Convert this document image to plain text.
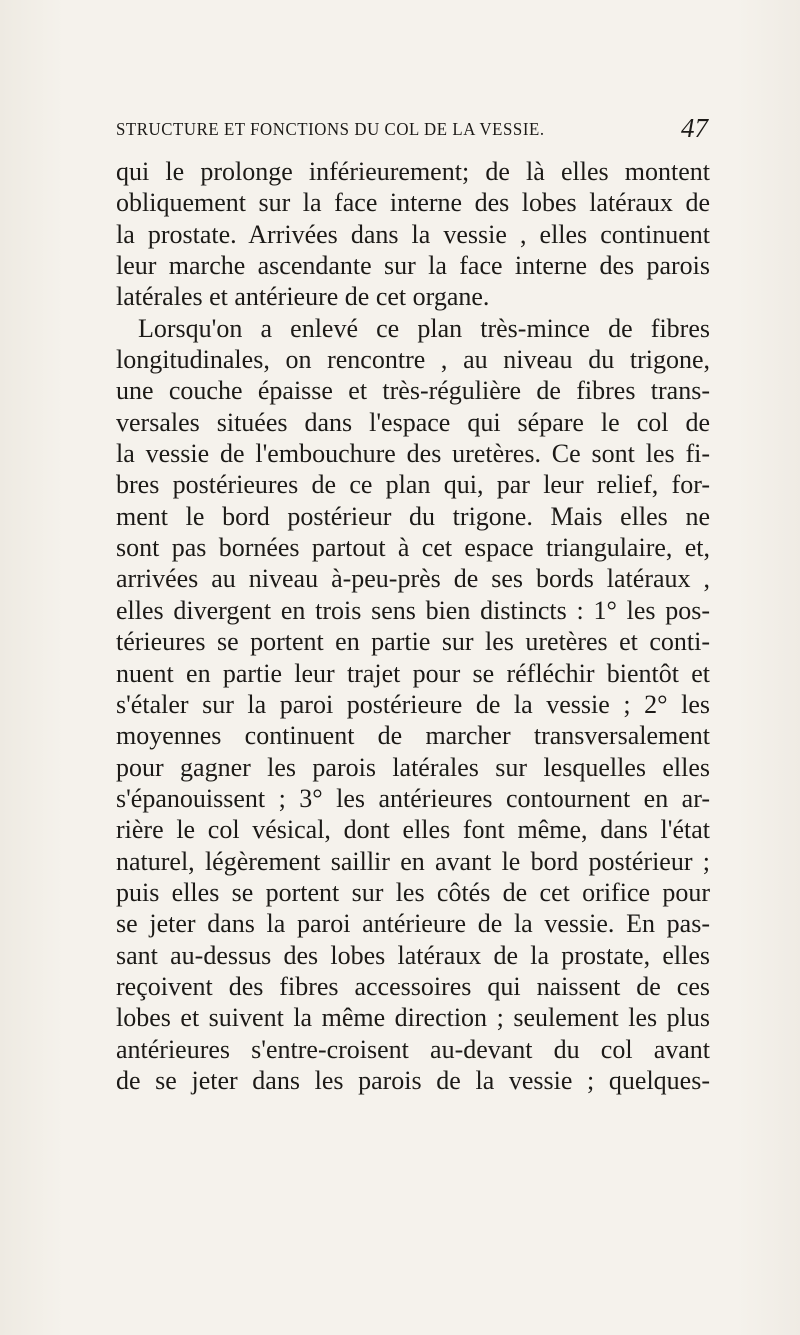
STRUCTURE ET FONCTIONS DU COL DE LA VESSIE.	47
qui le prolonge inférieurement; de là elles montent
obliquement sur la face interne des lobes latéraux de
la prostate. Arrivées dans la vessie , elles continuent
leur marche ascendante sur la face interne des parois
latérales et antérieure de cet organe.
Lorsqu'on a enlevé ce plan très-mince de fibres
longitudinales, on rencontre , au niveau du trigone,
une couche épaisse et très-régulière de fibres trans-
versales situées dans l'espace qui sépare le col de
la vessie de l'embouchure des uretères. Ce sont les fi-
bres postérieures de ce plan qui, par leur relief, for-
ment le bord postérieur du trigone. Mais elles ne
sont pas bornées partout à cet espace triangulaire, et,
arrivées au niveau à-peu-près de ses bords latéraux ,
elles divergent en trois sens bien distincts : 1° les pos-
térieures se portent en partie sur les uretères et conti-
nuent en partie leur trajet pour se réfléchir bientôt et
s'étaler sur la paroi postérieure de la vessie ; 2° les
moyennes continuent de marcher transversalement
pour gagner les parois latérales sur lesquelles elles
s'épanouissent ; 3° les antérieures contournent en ar-
rière le col vésical, dont elles font même, dans l'état
naturel, légèrement saillir en avant le bord postérieur ;
puis elles se portent sur les côtés de cet orifice pour
se jeter dans la paroi antérieure de la vessie. En pas-
sant au-dessus des lobes latéraux de la prostate, elles
reçoivent des fibres accessoires qui naissent de ces
lobes et suivent la même direction ; seulement les plus
antérieures s'entre-croisent au-devant du col avant
de se jeter dans les parois de la vessie ; quelques-
